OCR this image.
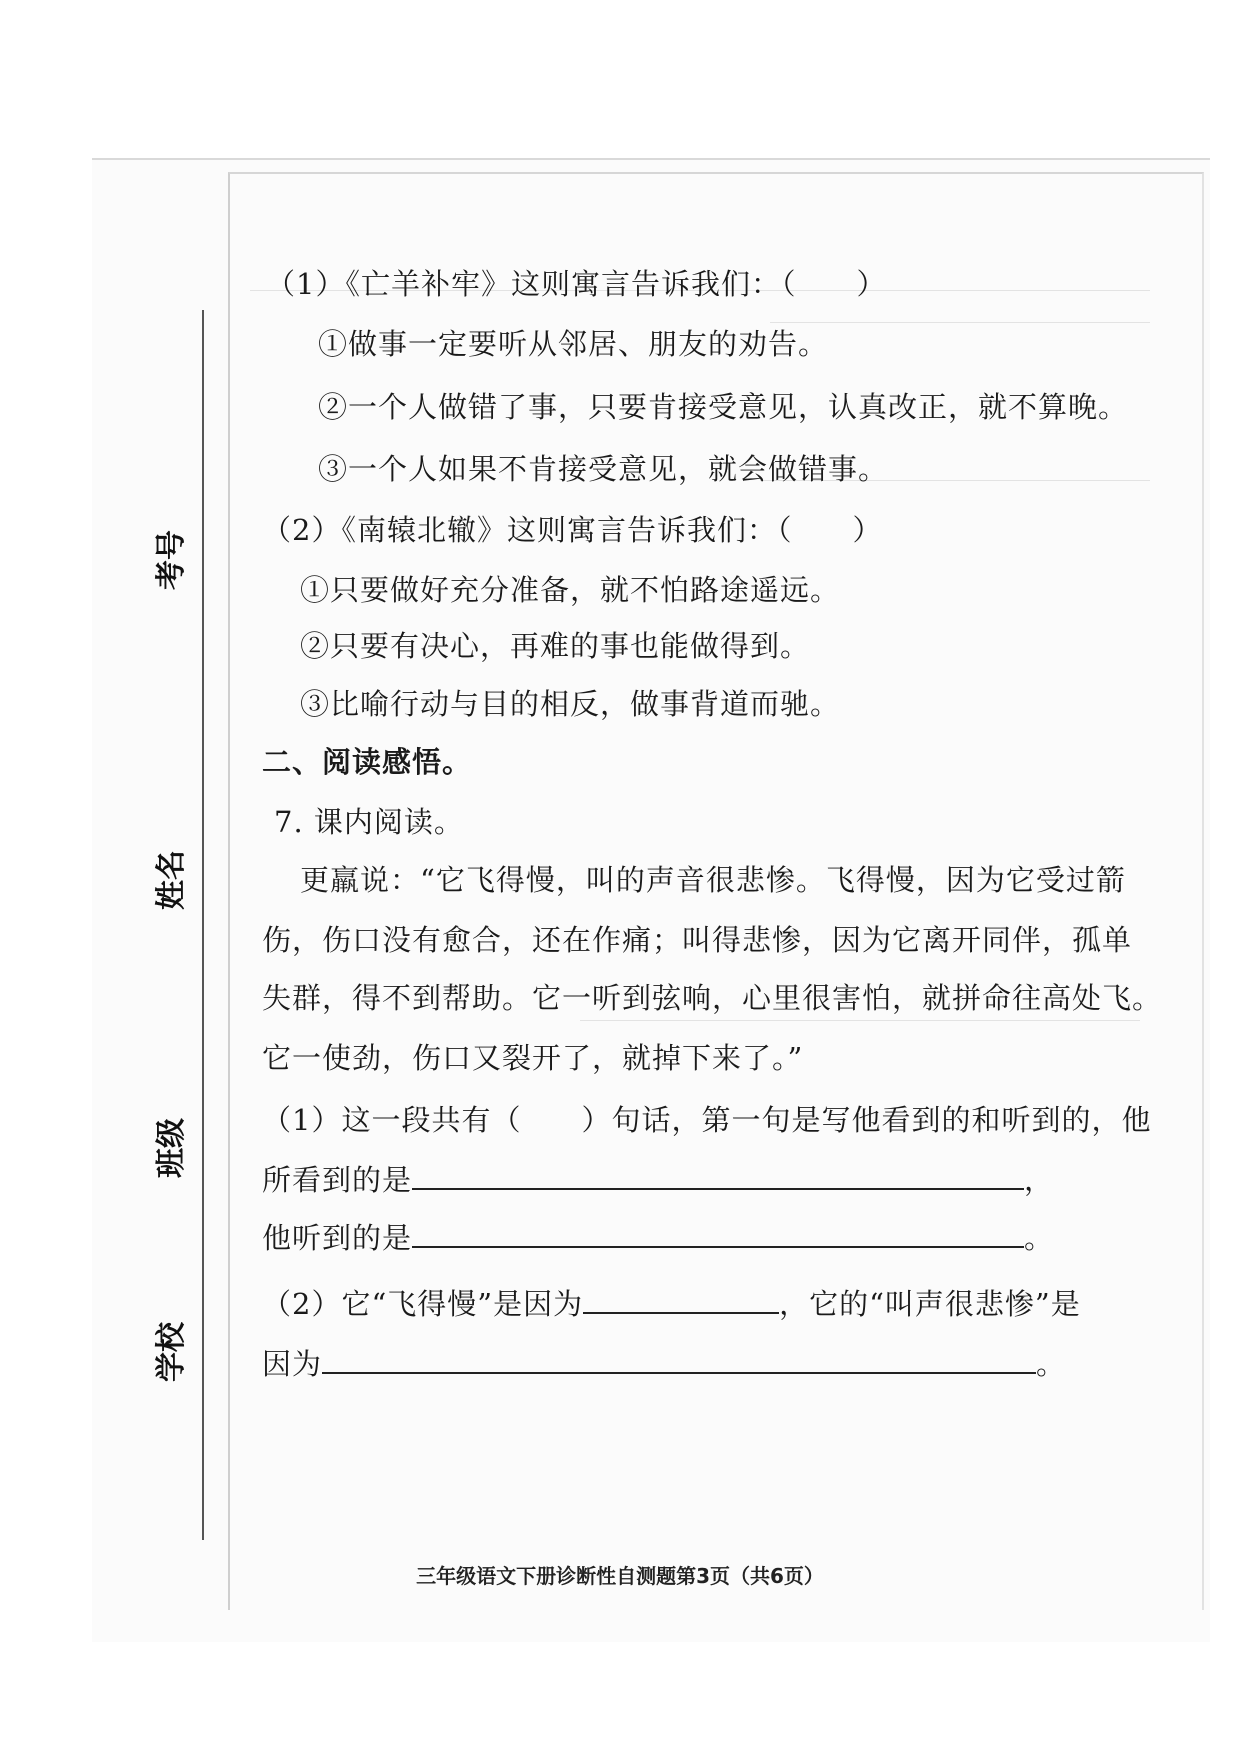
考号
姓名
班级
学校
（1）《亡羊补牢》这则寓言告诉我们：（　　）
①做事一定要听从邻居、朋友的劝告。
②一个人做错了事，只要肯接受意见，认真改正，就不算晚。
③一个人如果不肯接受意见，就会做错事。
（2）《南辕北辙》这则寓言告诉我们：（　　）
①只要做好充分准备，就不怕路途遥远。
②只要有决心，再难的事也能做得到。
③比喻行动与目的相反，做事背道而驰。
二、阅读感悟。
7. 课内阅读。
更羸说：“它飞得慢，叫的声音很悲惨。飞得慢，因为它受过箭
伤，伤口没有愈合，还在作痛；叫得悲惨，因为它离开同伴，孤单
失群，得不到帮助。它一听到弦响，心里很害怕，就拼命往高处飞。
它一使劲，伤口又裂开了，就掉下来了。”
（1）这一段共有（　　）句话，第一句是写他看到的和听到的，他
所看到的是	，
他听到的是	。
（2）它“飞得慢”是因为	，它的“叫声很悲惨”是
因为	。
三年级语文下册诊断性自测题第3页（共6页）
